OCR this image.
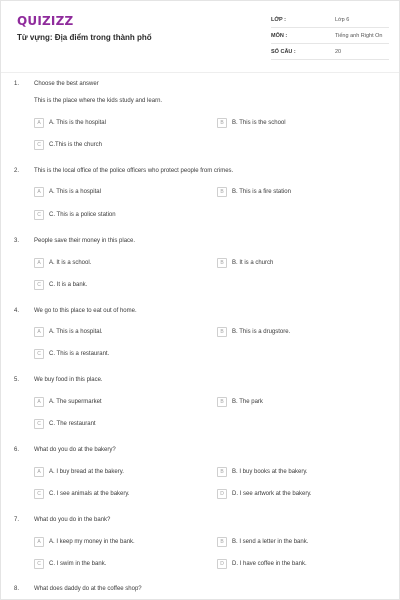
QUIZIZZ
Từ vựng: Địa điểm trong thành phố
LỚP :	Lớp 6
MÔN :	Tiếng anh Right On
SỐ CÂU :	20
1. Choose the best answer
This is the place where the kids study and learn.
A	A. This is the hospital	B	B. This is the school
C	C.This is the church
2. This is the local office of the police officers who protect people from crimes.
A	A. This is a hospital	B	B. This is a fire station
C	C. This is a police station
3. People save their money in this place.
A	A. It is a school.	B	B. It is a church
C	C. It is a bank.
4. We go to this place to eat out of home.
A	A. This is a hospital.	B	B. This is a drugstore.
C	C. This is a restaurant.
5. We buy food in this place.
A	A. The supermarket	B	B. The park
C	C. The restaurant
6. What do you do at the bakery?
A	A. I buy bread at the bakery.	B	B. I buy books at the bakery.
C	C. I see animals at the bakery.	D	D. I see artwork at the bakery.
7. What do you do in the bank?
A	A. I keep my money in the bank.	B	B. I send a letter in the bank.
C	C. I swim in the bank.	D	D. I have coffee in the bank.
8. What does daddy do at the coffee shop?
